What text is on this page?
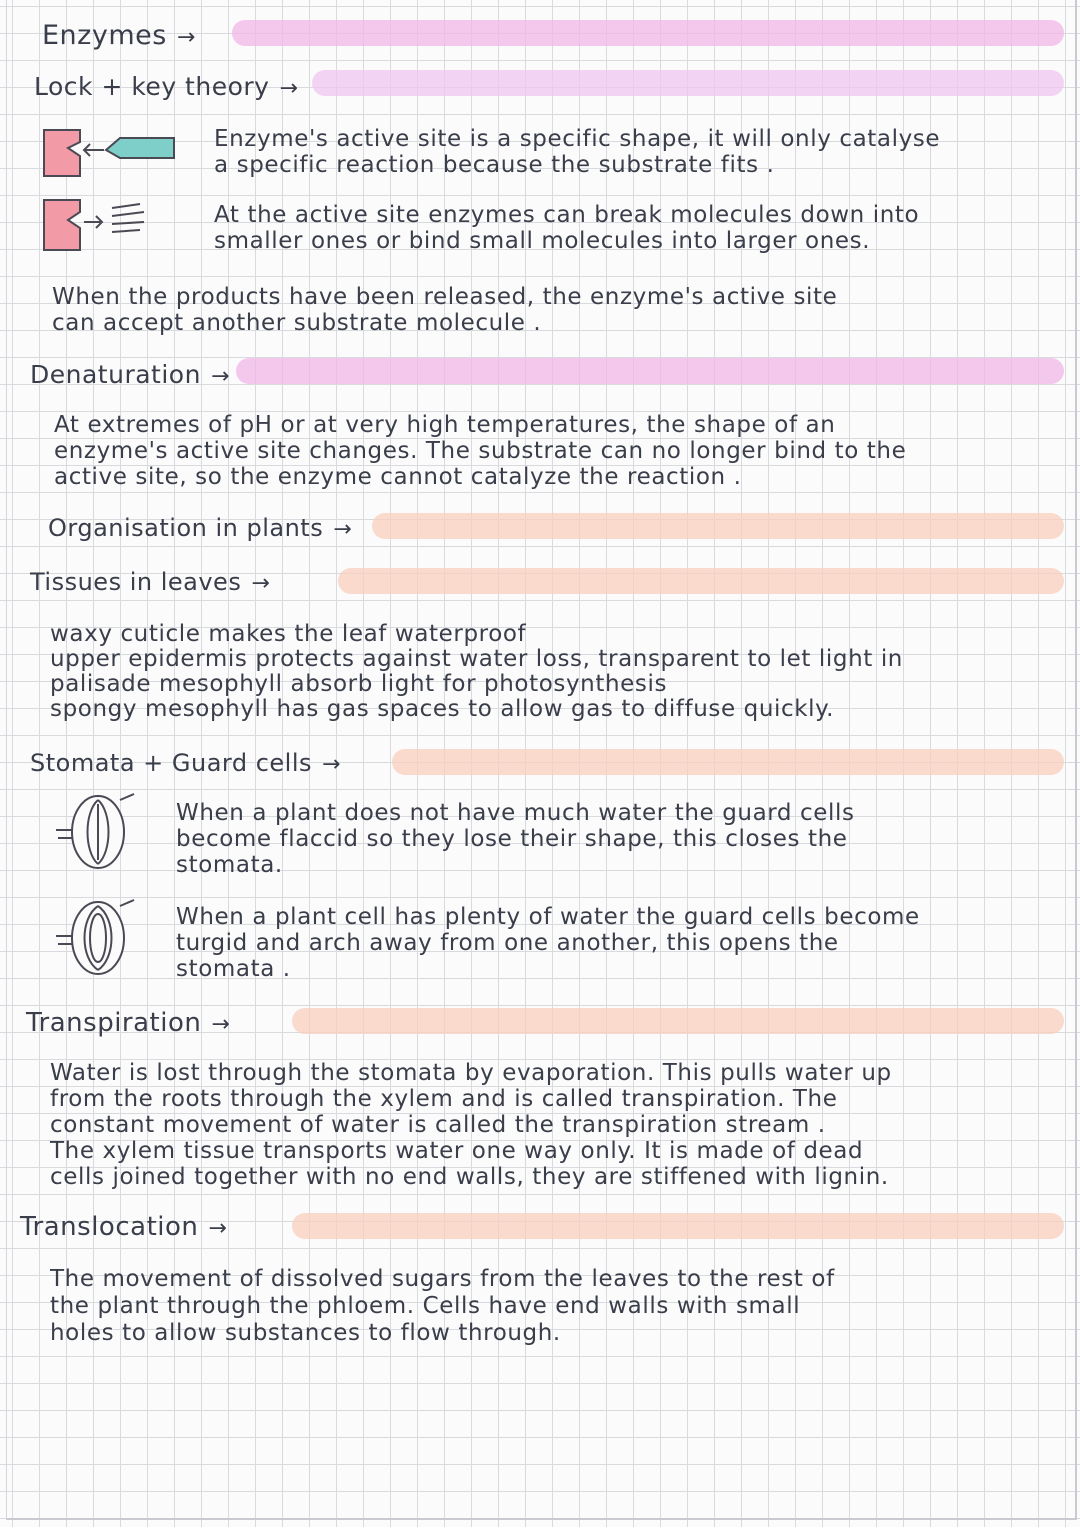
Enzymes →
Lock + key theory →
Denaturation →
Organisation in plants →
Tissues in leaves →
Stomata + Guard cells →
Transpiration →
Translocation →
Enzyme's active site is a specific shape, it will only catalyse
a specific reaction because the substrate fits .
At the active site enzymes can break molecules down into
smaller ones or bind small molecules into larger ones.
When the products have been released, the enzyme's active site
can accept another substrate molecule .
At extremes of pH or at very high temperatures, the shape of an
enzyme's active site changes. The substrate can no longer bind to the
active site, so the enzyme cannot catalyze the reaction .
waxy cuticle makes the leaf waterproof
upper epidermis protects against water loss, transparent to let light in
palisade mesophyll absorb light for photosynthesis
spongy mesophyll has gas spaces to allow gas to diffuse quickly.
When a plant does not have much water the guard cells
become flaccid so they lose their shape, this closes the
stomata.
When a plant cell has plenty of water the guard cells become
turgid and arch away from one another, this opens the
stomata .
Water is lost through the stomata by evaporation. This pulls water up
from the roots through the xylem and is called transpiration. The
constant movement of water is called the transpiration stream .
The xylem tissue transports water one way only. It is made of dead
cells joined together with no end walls, they are stiffened with lignin.
The movement of dissolved sugars from the leaves to the rest of
the plant through the phloem. Cells have end walls with small
holes to allow substances to flow through.
